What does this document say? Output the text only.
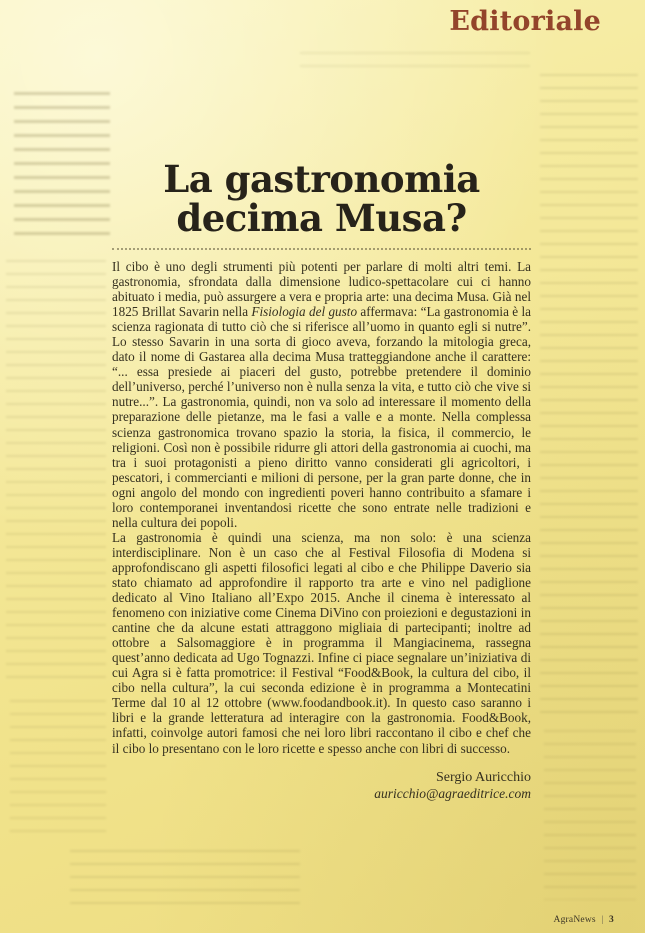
Editoriale
La gastronomia
decima Musa?

Il cibo è uno degli strumenti più potenti per parlare di molti altri temi. La gastronomia, sfrondata dalla dimensione ludico-spettacolare cui ci hanno abituato i media, può assurgere a vera e propria arte: una decima Musa. Già nel 1825 Brillat Savarin nella Fisiologia del gusto affermava: “La gastronomia è la scienza ragionata di tutto ciò che si riferisce all’uomo in quanto egli si nutre”. Lo stesso Savarin in una sorta di gioco aveva, forzando la mitologia greca, dato il nome di Gastarea alla decima Musa tratteggiandone anche il carattere: “... essa presiede ai piaceri del gusto, potrebbe pretendere il dominio dell’universo, perché l’universo non è nulla senza la vita, e tutto ciò che vive si nutre...”. La gastronomia, quindi, non va solo ad interessare il momento della preparazione delle pietanze, ma le fasi a valle e a monte. Nella complessa scienza gastronomica trovano spazio la storia, la fisica, il commercio, le religioni. Così non è possibile ridurre gli attori della gastronomia ai cuochi, ma tra i suoi protagonisti a pieno diritto vanno considerati gli agricoltori, i pescatori, i commercianti e milioni di persone, per la gran parte donne, che in ogni angolo del mondo con ingredienti poveri hanno contribuito a sfamare i loro contemporanei inventandosi ricette che sono entrate nelle tradizioni e nella cultura dei popoli.

La gastronomia è quindi una scienza, ma non solo: è una scienza interdisciplinare. Non è un caso che al Festival Filosofia di Modena si approfondiscano gli aspetti filosofici legati al cibo e che Philippe Daverio sia stato chiamato ad approfondire il rapporto tra arte e vino nel padiglione dedicato al Vino Italiano all’Expo 2015. Anche il cinema è interessato al fenomeno con iniziative come Cinema DiVino con proiezioni e degustazioni in cantine che da alcune estati attraggono migliaia di partecipanti; inoltre ad ottobre a Salsomaggiore è in programma il Mangiacinema, rassegna quest’anno dedicata ad Ugo Tognazzi. Infine ci piace segnalare un’iniziativa di cui Agra si è fatta promotrice: il Festival “Food&Book, la cultura del cibo, il cibo nella cultura”, la cui seconda edizione è in programma a Montecatini Terme dal 10 al 12 ottobre (www.foodandbook.it). In questo caso saranno i libri e la grande letteratura ad interagire con la gastronomia. Food&Book, infatti, coinvolge autori famosi che nei loro libri raccontano il cibo e chef che il cibo lo presentano con le loro ricette e spesso anche con libri di successo.

Sergio Auricchio
auricchio@agraeditrice.com
AgraNews | 3
